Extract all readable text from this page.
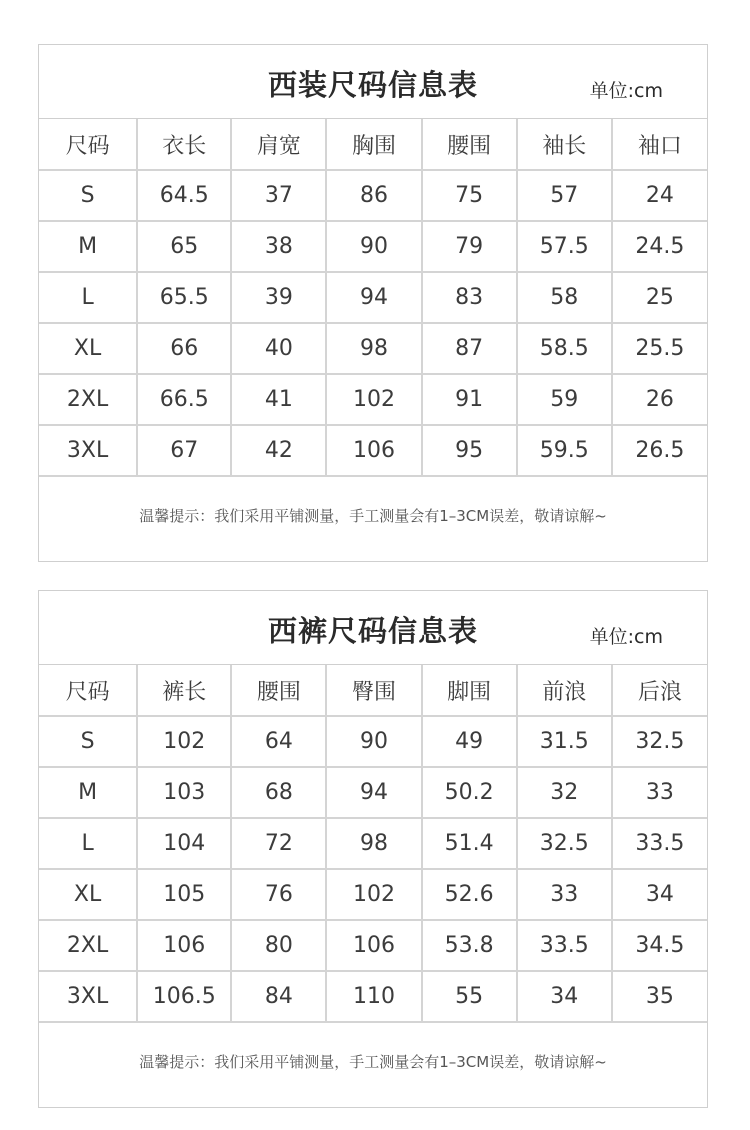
西装尺码信息表	单位:cm
尺码	衣长	肩宽	胸围	腰围	袖长	袖口
S	64.5	37	86	75	57	24
M	65	38	90	79	57.5	24.5
L	65.5	39	94	83	58	25
XL	66	40	98	87	58.5	25.5
2XL	66.5	41	102	91	59	26
3XL	67	42	106	95	59.5	26.5
温馨提示：我们采用平铺测量，手工测量会有1–3CM误差，敬请谅解~
西裤尺码信息表	单位:cm
尺码	裤长	腰围	臀围	脚围	前浪	后浪
S	102	64	90	49	31.5	32.5
M	103	68	94	50.2	32	33
L	104	72	98	51.4	32.5	33.5
XL	105	76	102	52.6	33	34
2XL	106	80	106	53.8	33.5	34.5
3XL	106.5	84	110	55	34	35
温馨提示：我们采用平铺测量，手工测量会有1–3CM误差，敬请谅解~
